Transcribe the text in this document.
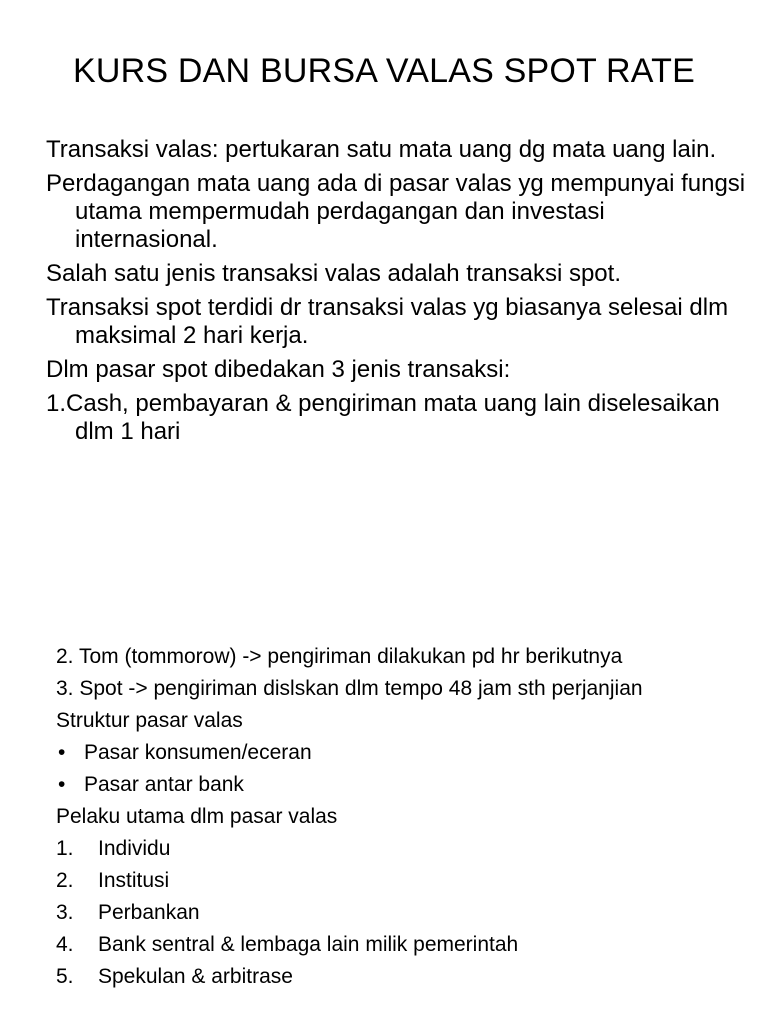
KURS DAN BURSA VALAS SPOT RATE

Transaksi valas: pertukaran satu mata uang dg mata uang lain.

Perdagangan mata uang ada di pasar valas yg mempunyai fungsi utama mempermudah perdagangan dan investasi internasional.

Salah satu jenis transaksi valas adalah transaksi spot.

Transaksi spot terdidi dr transaksi valas yg biasanya selesai dlm maksimal 2 hari kerja.

Dlm pasar spot dibedakan 3 jenis transaksi:

1.Cash, pembayaran & pengiriman mata uang lain diselesaikan dlm 1 hari

2. Tom (tommorow) -> pengiriman dilakukan pd hr berikutnya

3. Spot -> pengiriman dislskan dlm tempo 48 jam sth perjanjian

Struktur pasar valas

• Pasar konsumen/eceran
• Pasar antar bank

Pelaku utama dlm pasar valas

1.	Individu
2.	Institusi
3.	Perbankan
4.	Bank sentral & lembaga lain milik pemerintah
5.	Spekulan & arbitrase
